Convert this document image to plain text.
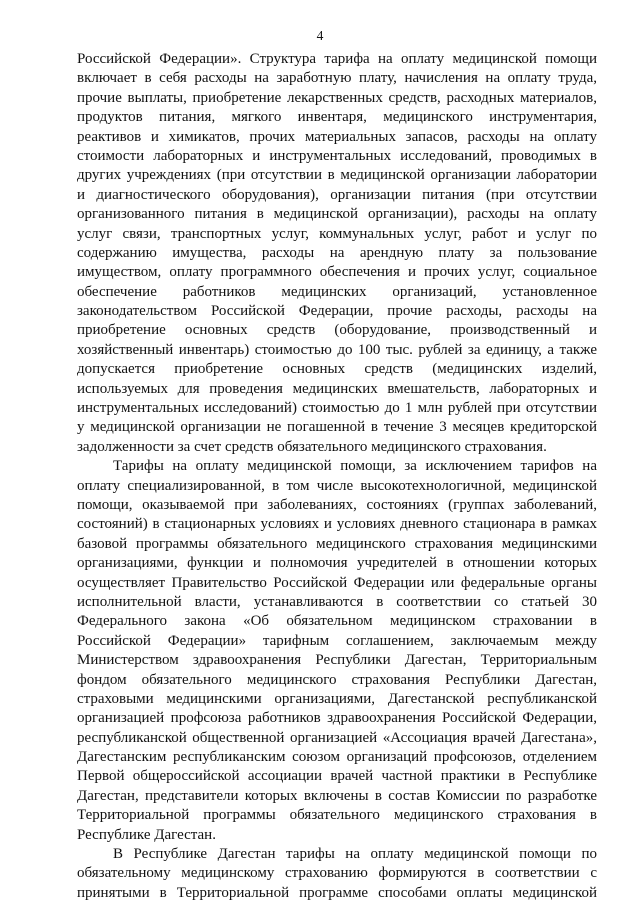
4
Российской Федерации». Структура тарифа на оплату медицинской помощи
включает в себя расходы на заработную плату, начисления на оплату труда,
прочие выплаты, приобретение лекарственных средств, расходных материалов,
продуктов питания, мягкого инвентаря, медицинского инструментария,
реактивов и химикатов, прочих материальных запасов, расходы на оплату
стоимости лабораторных и инструментальных исследований, проводимых в
других учреждениях (при отсутствии в медицинской организации лаборатории
и диагностического оборудования), организации питания (при отсутствии
организованного питания в медицинской организации), расходы на оплату
услуг связи, транспортных услуг, коммунальных услуг, работ и услуг по
содержанию имущества, расходы на арендную плату за пользование
имуществом, оплату программного обеспечения и прочих услуг, социальное
обеспечение работников медицинских организаций, установленное
законодательством Российской Федерации, прочие расходы, расходы на
приобретение основных средств (оборудование, производственный и
хозяйственный инвентарь) стоимостью до 100 тыс. рублей за единицу, а также
допускается приобретение основных средств (медицинских изделий,
используемых для проведения медицинских вмешательств, лабораторных и
инструментальных исследований) стоимостью до 1 млн рублей при отсутствии
у медицинской организации не погашенной в течение 3 месяцев кредиторской
задолженности за счет средств обязательного медицинского страхования.
Тарифы на оплату медицинской помощи, за исключением тарифов на
оплату специализированной, в том числе высокотехнологичной, медицинской
помощи, оказываемой при заболеваниях, состояниях (группах заболеваний,
состояний) в стационарных условиях и условиях дневного стационара в рамках
базовой программы обязательного медицинского страхования медицинскими
организациями, функции и полномочия учредителей в отношении которых
осуществляет Правительство Российской Федерации или федеральные органы
исполнительной власти, устанавливаются в соответствии со статьей 30
Федерального закона «Об обязательном медицинском страховании в
Российской Федерации» тарифным соглашением, заключаемым между
Министерством здравоохранения Республики Дагестан, Территориальным
фондом обязательного медицинского страхования Республики Дагестан,
страховыми медицинскими организациями, Дагестанской республиканской
организацией профсоюза работников здравоохранения Российской Федерации,
республиканской общественной организацией «Ассоциация врачей Дагестана»,
Дагестанским республиканским союзом организаций профсоюзов, отделением
Первой общероссийской ассоциации врачей частной практики в Республике
Дагестан, представители которых включены в состав Комиссии по разработке
Территориальной программы обязательного медицинского страхования в
Республике Дагестан.
В Республике Дагестан тарифы на оплату медицинской помощи по
обязательному медицинскому страхованию формируются в соответствии с
принятыми в Территориальной программе способами оплаты медицинской
